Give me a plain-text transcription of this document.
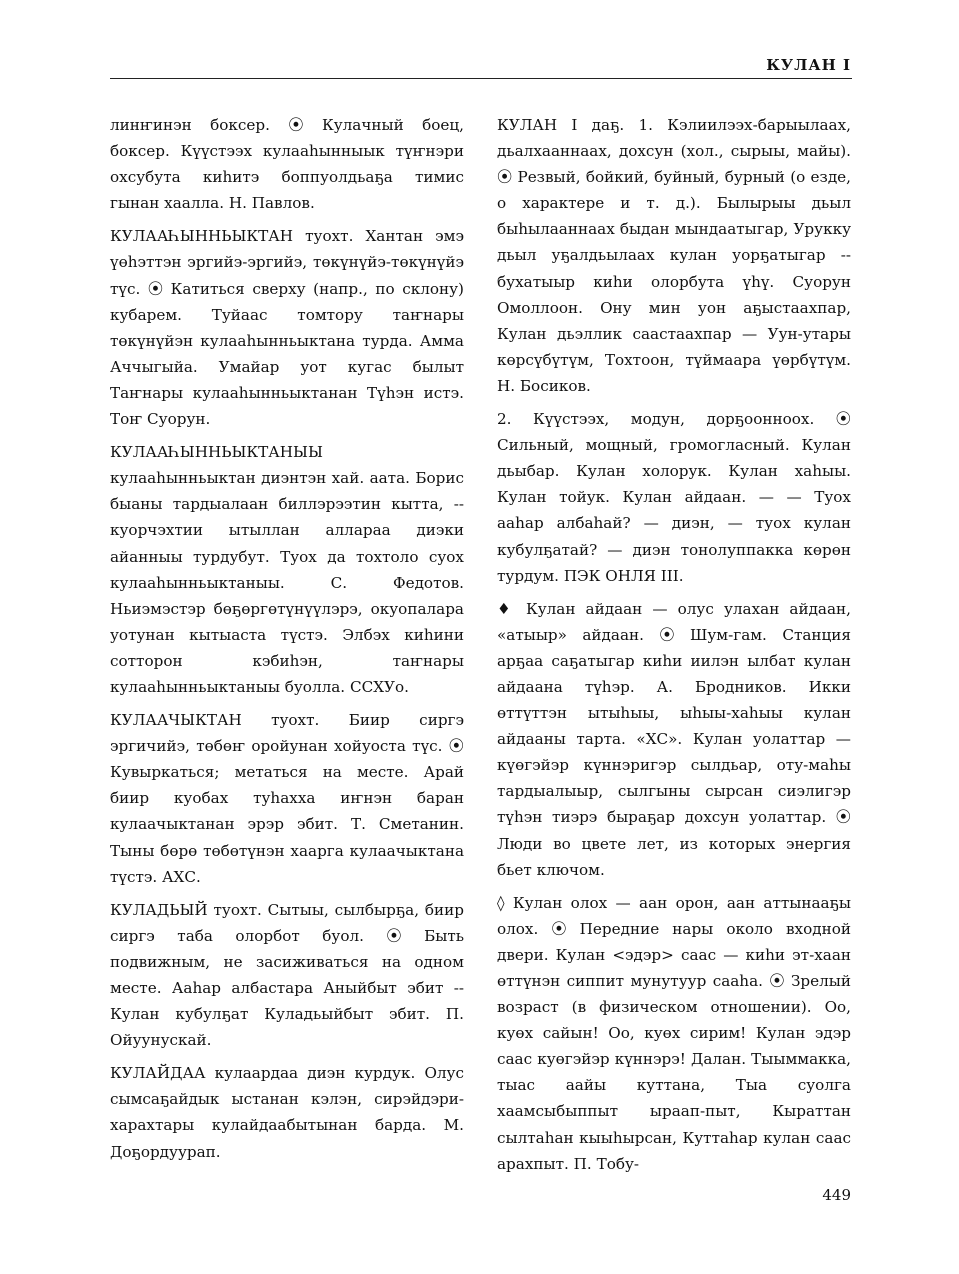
КУЛАН I

линҥинэн боксер. ⦿ Кулачный боец, боксер. Күүстээх кулааһынныык түҥнэри охсубута киһитэ боппуолдьаҕа тимис гынан хаалла. Н. Павлов.

КУЛААҺЫННЬЫКТАН туохт. Хантан эмэ үөһэттэн эргийэ-эргийэ, төкүнүйэ-төкүнүйэ түс. ⦿ Катиться сверху (напр., по склону) кубарем. Туйаас томтору таҥнары төкүнүйэн кулааһынньыктана турда. Амма Аччыгыйа. Умайар уот кугас былыт Таҥнары кулааһынньыктанан Түһэн истэ. Тоҥ Суорун.

КУЛААҺЫННЬЫКТАНЫЫ кулааһынньыктан диэнтэн хай. аата. Борис быаны тардыалаан биллэрээтин кытта, -- куорчэхтии ытыллан аллараа диэки айанныы турдубут. Туох да тохтоло суох кулааһынньыктаныы. С. Федотов. Ньиэмэстэр бөҕөргөтүнүүлэрэ, окуопалара уотунан кытыаста түстэ. Элбэх киһини сотторон кэбиһэн, таҥнары кулааһынньыктаныы буолла. ССХУо.

КУЛААЧЫКТАН туохт. Биир сиргэ эргичийэ, төбөҥ оройунан хойуоста түс. ⦿ Кувыркаться; метаться на месте. Арай биир куобах туһахха иҥнэн баран кулаачыктанан эрэр эбит. Т. Сметанин. Тыны бөрө төбөтүнэн хаарга кулаачыктана түстэ. АХС.

КУЛАДЬЫЙ туохт. Сытыы, сылбырҕа, биир сиргэ таба олорбот буол. ⦿ Быть подвижным, не засиживаться на одном месте. Ааһар албастара Аныйбыт эбит -- Кулан кубулҕат Куладьыйбыт эбит. П. Ойуунускай.

КУЛАЙДАА кулаардаа диэн курдук. Олус сымсаҕайдык ыстанан кэлэн, сирэйдэри-харахтары кулайдаабытынан барда. М. Доҕордуурап.

КУЛАН I даҕ. 1. Кэлиилээх-барыылаах, дьалхааннаах, дохсун (хол., сырыы, майы). ⦿ Резвый, бойкий, буйный, бурный (о езде, о характере и т. д.). Былырыы дьыл быһылааннаах быдан мындаатыгар, Урукку дьыл уҕалдьылаах кулан уорҕатыгар -- бухатыыр киһи олорбута үһү. Суорун Омоллоон. Ону мин уон аҕыстаахпар, Кулан дьэллик саастаахпар — Уун-утары көрсүбүтүм, Тохтоон, түймаара үөрбүтүм. Н. Босиков.

2. Күүстээх, модун, дорҕоонноох. ⦿ Сильный, мощный, громогласный. Кулан дьыбар. Кулан холорук. Кулан хаһыы. Кулан тойук. Кулан айдаан. — — Туох ааһар албаһай? — диэн, — туох кулан кубулҕатай? — диэн тонолуппакка көрөн турдум. ПЭК ОНЛЯ III.

♦ Кулан айдаан — олус улахан айдаан, «атыыр» айдаан. ⦿ Шум-гам. Станция арҕаа саҕатыгар киһи иилэн ылбат кулан айдаана түһэр. А. Бродников. Икки өттүттэн ытыһыы, ыһыы-хаһыы кулан айдааны тарта. «ХС». Кулан уолаттар — күөгэйэр күннэригэр сылдьар, оту-маһы тардыалыыр, сылгыны сырсан сиэлигэр түһэн тиэрэ быраҕар дохсун уолаттар. ⦿ Люди во цвете лет, из которых энергия бьет ключом.

◊ Кулан олох — аан орон, аан аттынааҕы олох. ⦿ Передние нары около входной двери. Кулан <эдэр> саас — киһи эт-хаан өттүнэн сиппит мунутуур сааһа. ⦿ Зрелый возраст (в физическом отношении). Оо, куөх сайын! Оо, куөх сирим! Кулан эдэр саас куөгэйэр күннэрэ! Далан. Тыыммакка, тыас аайы куттана, Тыа суолга хаамсыбыппыт ыраап-пыт, Кыраттан сылтаһан кыыһырсан, Куттаһар кулан саас арахпыт. П. Тобу-

449
